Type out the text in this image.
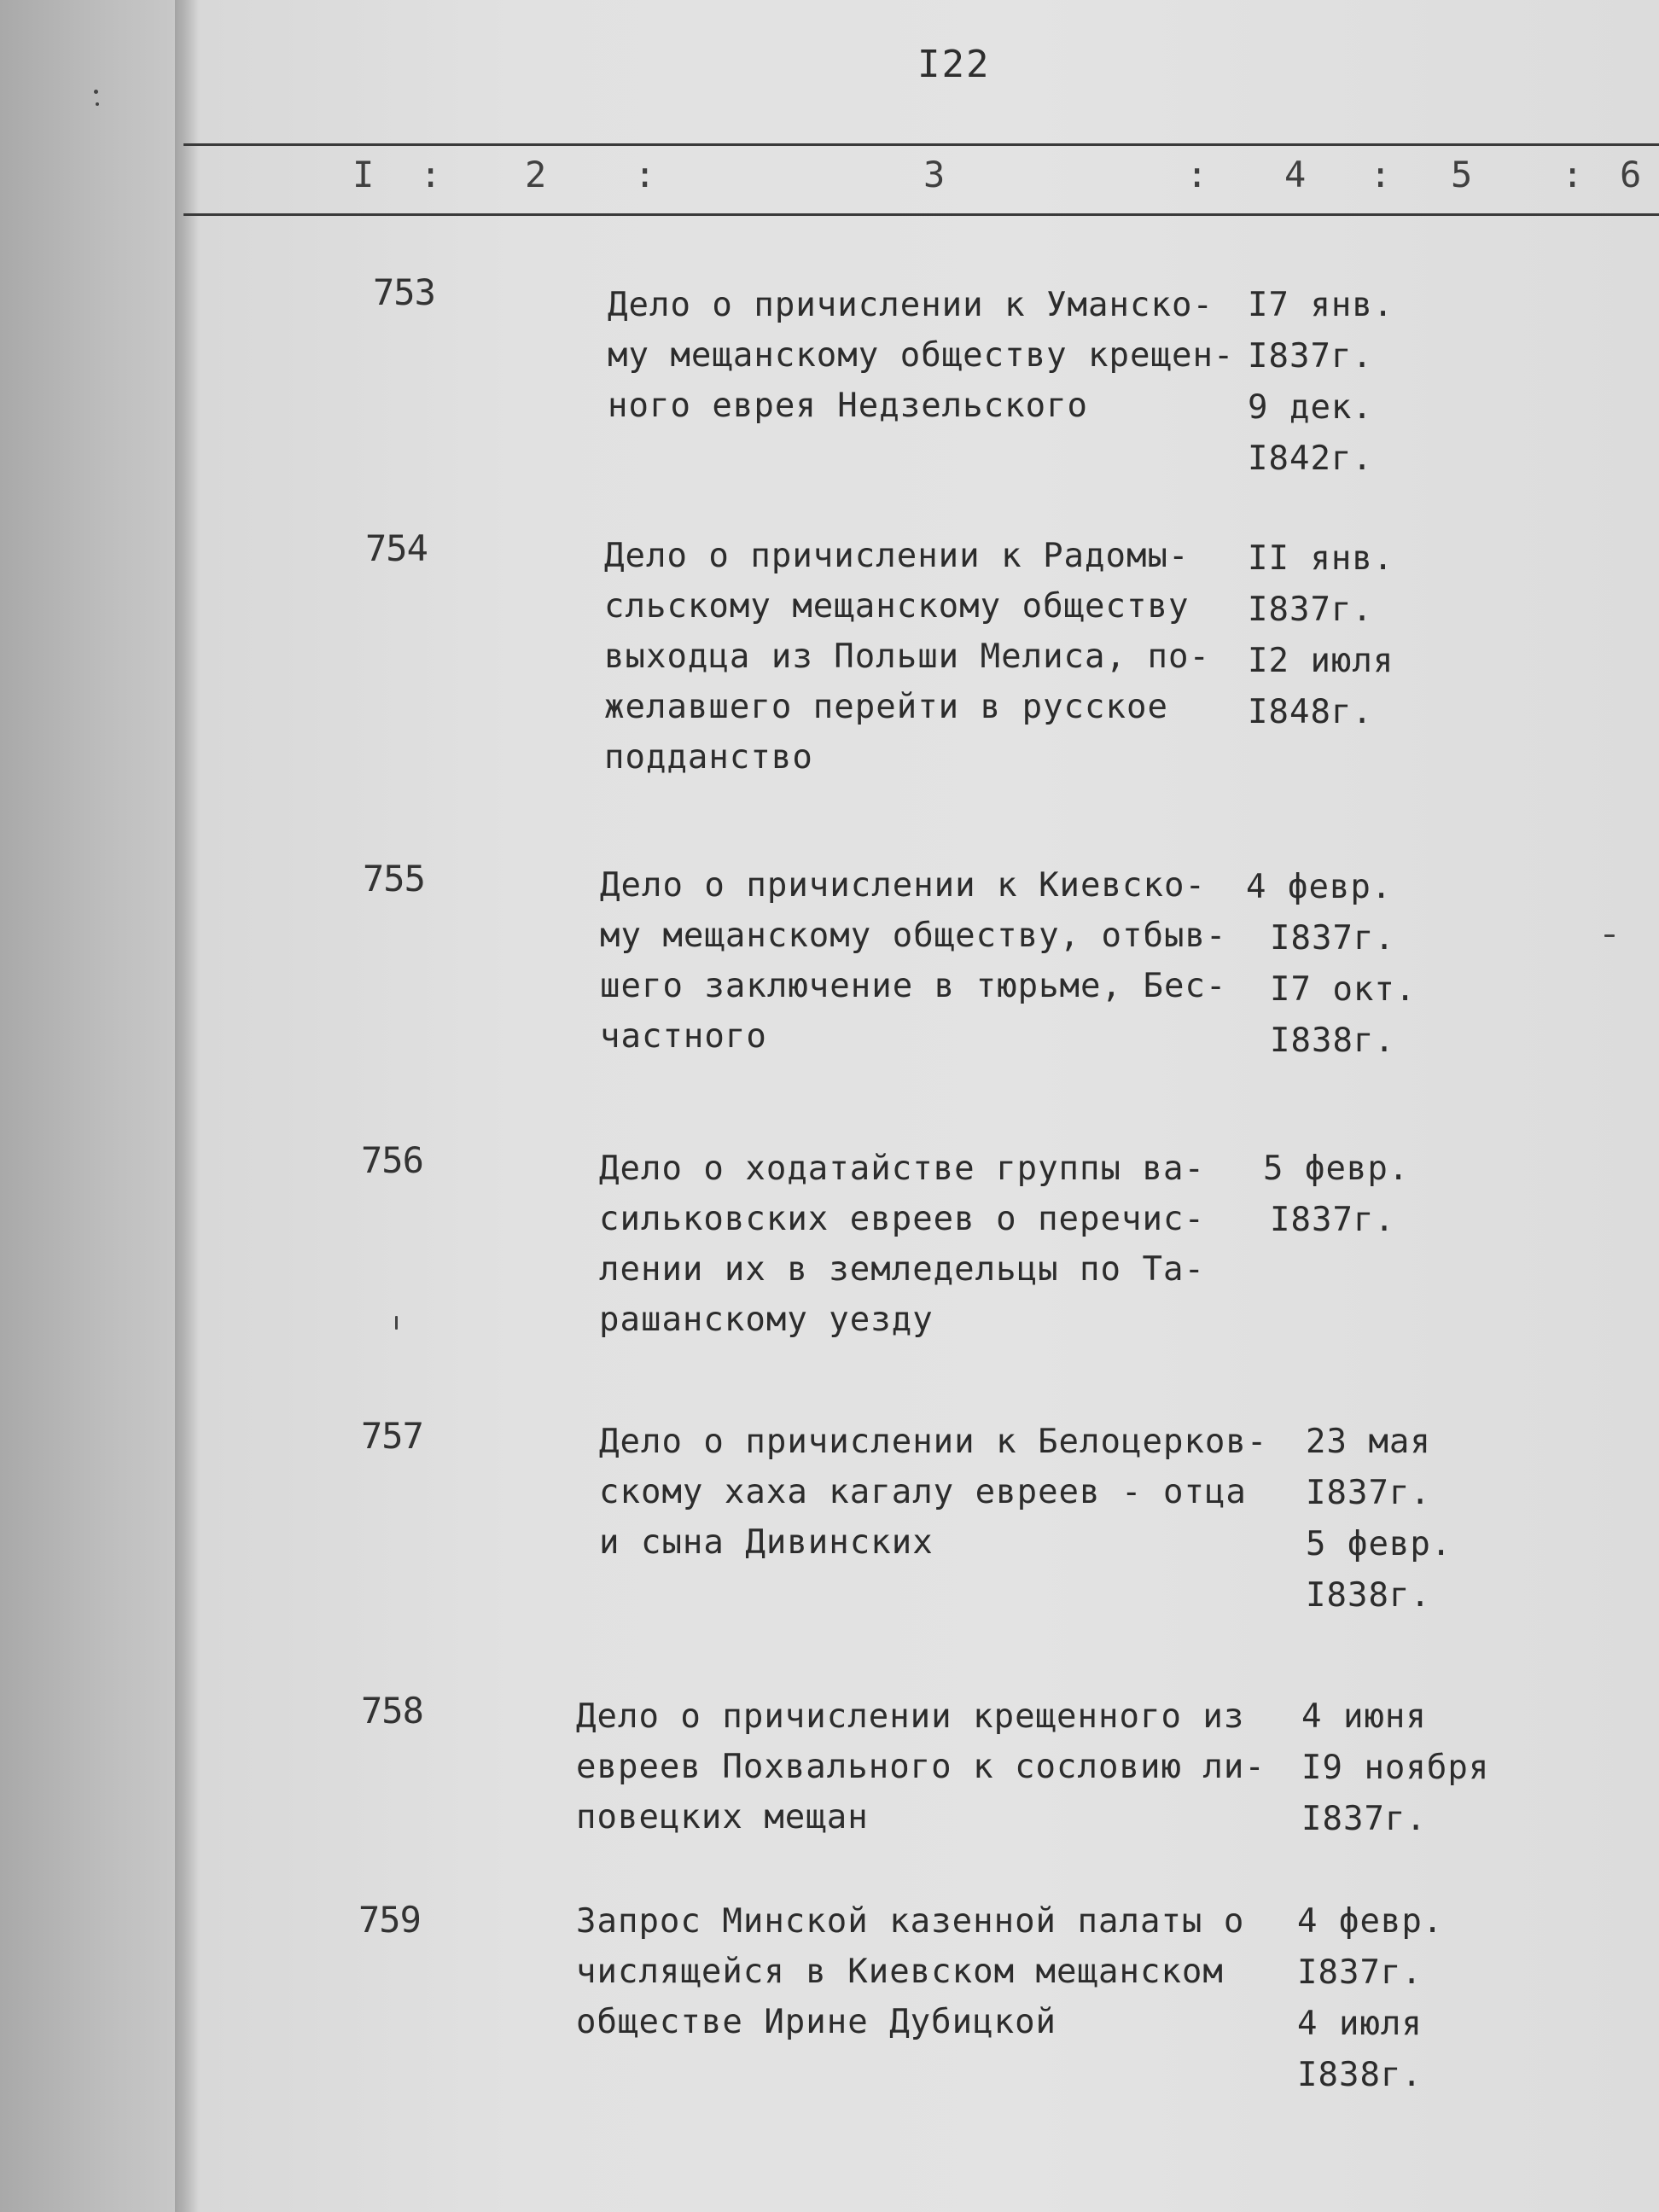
I22
I : 2 :	3	: 4 : 5 : 6
753	Дело о причислении к Уманско-
му мещанскому обществу крещен-
ного еврея Недзельского
I7 янв.
I837г.
9 дек.
I842г.
754	Дело о причислении к Радомы-
сльскому мещанскому обществу
выходца из Польши Мелиса, по-
желавшего перейти в русское
подданство
II янв.
I837г.
I2 июля
I848г.
755	Дело о причислении к Киевско-
му мещанскому обществу, отбыв-
шего заключение в тюрьме, Бес-
частного
4 февр.
I837г.
I7 окт.
I838г.
756	Дело о ходатайстве группы ва-
сильковских евреев о перечис-
лении их в земледельцы по Та-
рашанскому уезду
5 февр.
I837г.
757	Дело о причислении к Белоцерков-
скому хаха кагалу евреев - отца
и сына Дивинских
23 мая
I837г.
5 февр.
I838г.
758	Дело о причислении крещенного из
евреев Похвального к сословию ли-
повецких мещан
4 июня
I9 ноября
I837г.
759	Запрос Минской казенной палаты о
числящейся в Киевском мещанском
обществе Ирине Дубицкой
4 февр.
I837г.
4 июля
I838г.
